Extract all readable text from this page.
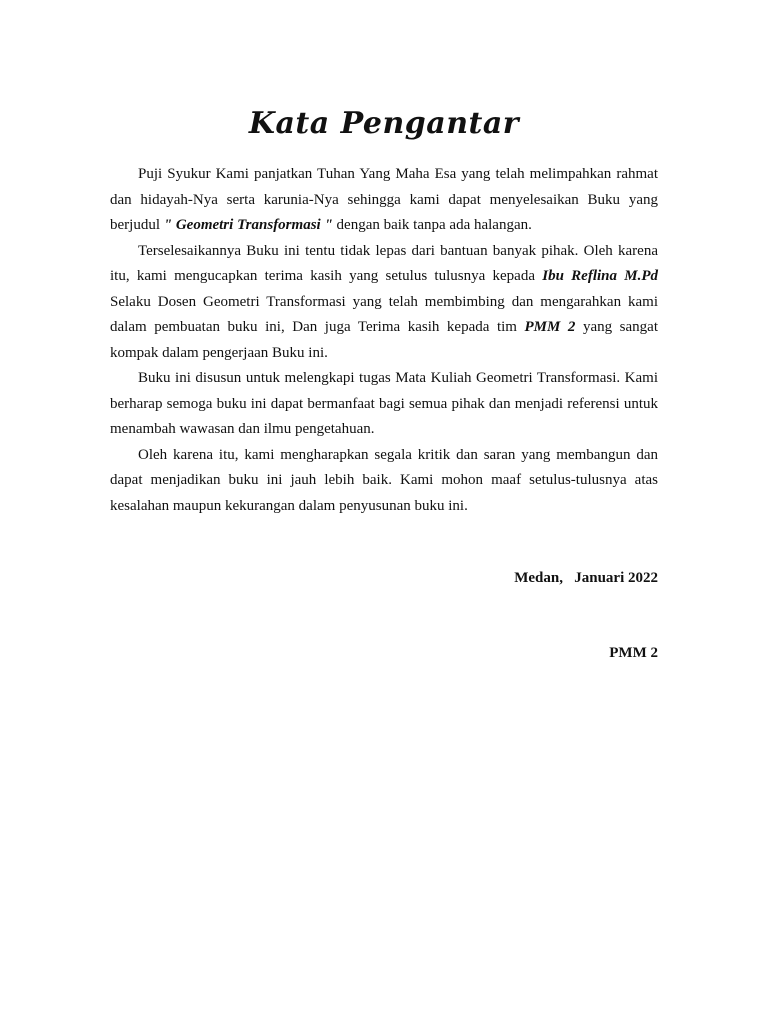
Kata Pengantar

Puji Syukur Kami panjatkan Tuhan Yang Maha Esa yang telah melimpahkan rahmat dan hidayah-Nya serta karunia-Nya sehingga kami dapat menyelesaikan Buku yang berjudul " Geometri Transformasi " dengan baik tanpa ada halangan.

Terselesaikannya Buku ini tentu tidak lepas dari bantuan banyak pihak. Oleh karena itu, kami mengucapkan terima kasih yang setulus tulusnya kepada Ibu Reflina M.Pd Selaku Dosen Geometri Transformasi yang telah membimbing dan mengarahkan kami dalam pembuatan buku ini, Dan juga Terima kasih kepada tim PMM 2 yang sangat kompak dalam pengerjaan Buku ini.

Buku ini disusun untuk melengkapi tugas Mata Kuliah Geometri Transformasi. Kami berharap semoga buku ini dapat bermanfaat bagi semua pihak dan menjadi referensi untuk menambah wawasan dan ilmu pengetahuan.

Oleh karena itu, kami mengharapkan segala kritik dan saran yang membangun dan dapat menjadikan buku ini jauh lebih baik. Kami mohon maaf setulus-tulusnya atas kesalahan maupun kekurangan dalam penyusunan buku ini.

Medan,   Januari 2022
PMM 2
